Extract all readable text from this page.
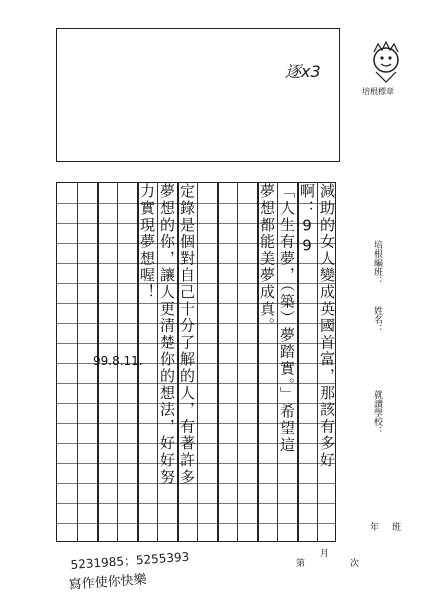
逐x3
培根標章
減助的女人變成英國首富，那該有多好
啊：99
「人生有夢，（築）夢踏實。」希望這
夢想都能美夢成真。
定錄是個對自己十分了解的人，有著許多
夢想的你，讓人更清楚你的想法，好好努
力實現夢想喔！
99.8.11.
培根編班：
姓名：
就讀學校：
年 班
第
月
次
5231985；5255393
寫作使你快樂
